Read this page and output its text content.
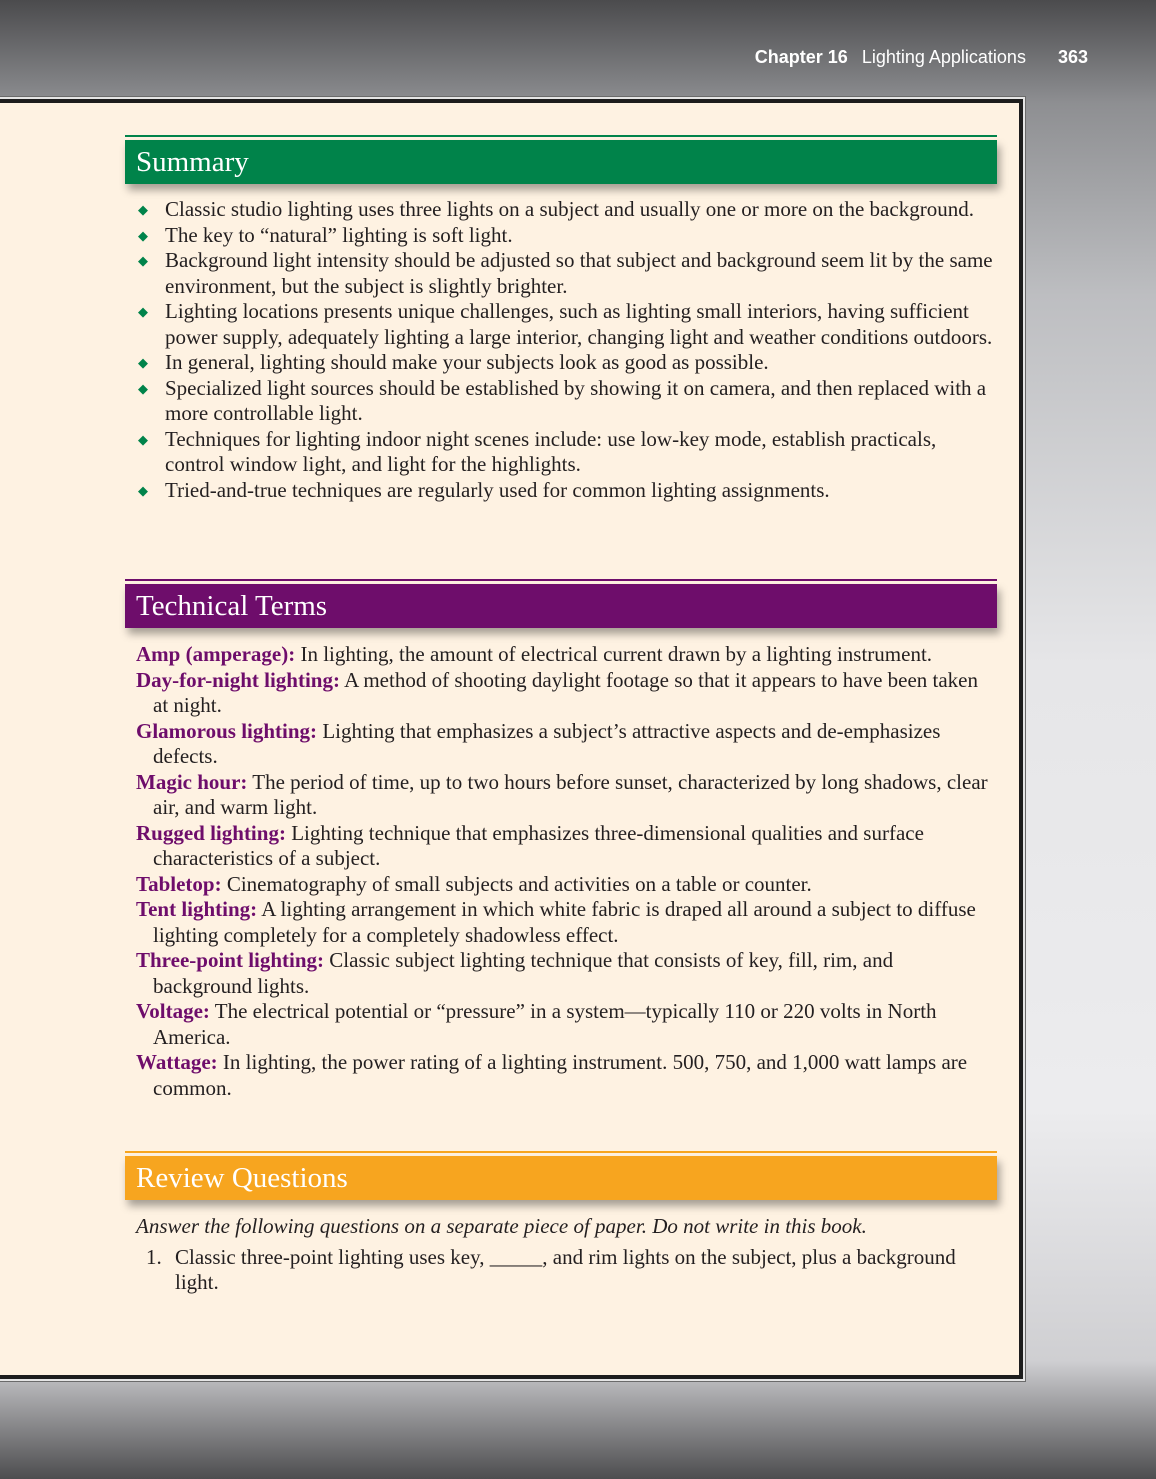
Chapter 16 Lighting Applications 363
Summary
◆ Classic studio lighting uses three lights on a subject and usually one or more on the background.
◆ The key to “natural” lighting is soft light.
◆ Background light intensity should be adjusted so that subject and background seem lit by the same environment, but the subject is slightly brighter.
◆ Lighting locations presents unique challenges, such as lighting small interiors, having sufficient power supply, adequately lighting a large interior, changing light and weather conditions outdoors.
◆ In general, lighting should make your subjects look as good as possible.
◆ Specialized light sources should be established by showing it on camera, and then replaced with a more controllable light.
◆ Techniques for lighting indoor night scenes include: use low-key mode, establish practicals, control window light, and light for the highlights.
◆ Tried-and-true techniques are regularly used for common lighting assignments.
Technical Terms
Amp (amperage): In lighting, the amount of electrical current drawn by a lighting instrument.
Day-for-night lighting: A method of shooting daylight footage so that it appears to have been taken at night.
Glamorous lighting: Lighting that emphasizes a subject’s attractive aspects and de-emphasizes defects.
Magic hour: The period of time, up to two hours before sunset, characterized by long shadows, clear air, and warm light.
Rugged lighting: Lighting technique that emphasizes three-dimensional qualities and surface characteristics of a subject.
Tabletop: Cinematography of small subjects and activities on a table or counter.
Tent lighting: A lighting arrangement in which white fabric is draped all around a subject to diffuse lighting completely for a completely shadowless effect.
Three-point lighting: Classic subject lighting technique that consists of key, fill, rim, and background lights.
Voltage: The electrical potential or “pressure” in a system—typically 110 or 220 volts in North America.
Wattage: In lighting, the power rating of a lighting instrument. 500, 750, and 1,000 watt lamps are common.
Review Questions
Answer the following questions on a separate piece of paper. Do not write in this book.
1. Classic three-point lighting uses key, _____, and rim lights on the subject, plus a background light.
